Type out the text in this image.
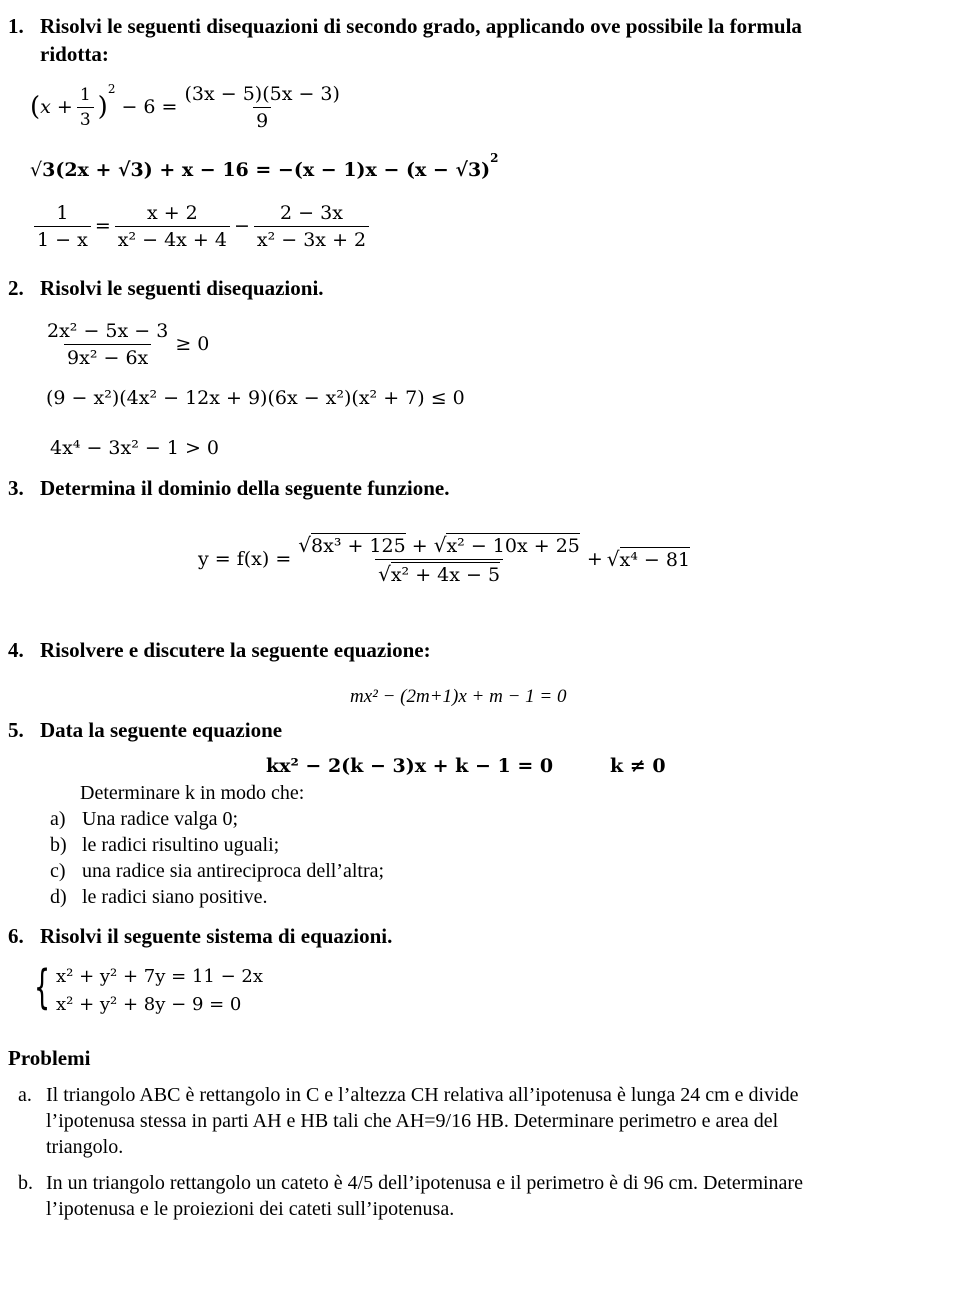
1. Risolvi le seguenti disequazioni di secondo grado, applicando ove possibile la formula
ridotta:
( $x + \frac{1}{3}$ )
$^2$
− $6 = \frac{(3x - 5)(5x - 3)}{9}$
√ 3(2x + √3) + x − 16 = −(x − 1)x − (x − √3)
$^2$
$\frac{1}{1 - x} = \frac{x + 2}{\text{x² − 4x + 4}} - \frac{2 - 3x}{\text{x² − 3x + 2}}$
2. Risolvi le seguenti disequazioni.
$\frac{\text{2x² − 5x − 3}}{\text{9x² − 6x}} \ge 0$
(9 − x²)(4x² − 12x + 9)(6x − x²)(x² + 7) ≤ 0
4x⁴ − 3x² − 1 > 0
3. Determina il dominio della seguente funzione.
$y = f(x) = \frac{\text{√ 8x³ + 125 + √ x² − 10x + 25}}{\text{√ x² + 4x − 5}}$ + √ x⁴ − 81
4. Risolvere e discutere la seguente equazione:
mx² − (2m+1)x + m − 1 = 0
5. Data la seguente equazione
kx² − 2(k − 3)x + k − 1 = 0	k ≠ 0
Determinare k in modo che:
a) Una radice valga 0;
b) le radici risultino uguali;
c) una radice sia antireciproca dell’altra;
d) le radici siano positive.
6. Risolvi il seguente sistema di equazioni.
{ x² + y² + 7y = 11 − 2x
x² + y² + 8y − 9 = 0
Problemi
a. Il triangolo ABC è rettangolo in C e l’altezza CH relativa all’ipotenusa è lunga 24 cm e divide
l’ipotenusa stessa in parti AH e HB tali che AH=9/16 HB. Determinare perimetro e area del
triangolo.
b. In un triangolo rettangolo un cateto è 4/5 dell’ipotenusa e il perimetro è di 96 cm. Determinare
l’ipotenusa e le proiezioni dei cateti sull’ipotenusa.
